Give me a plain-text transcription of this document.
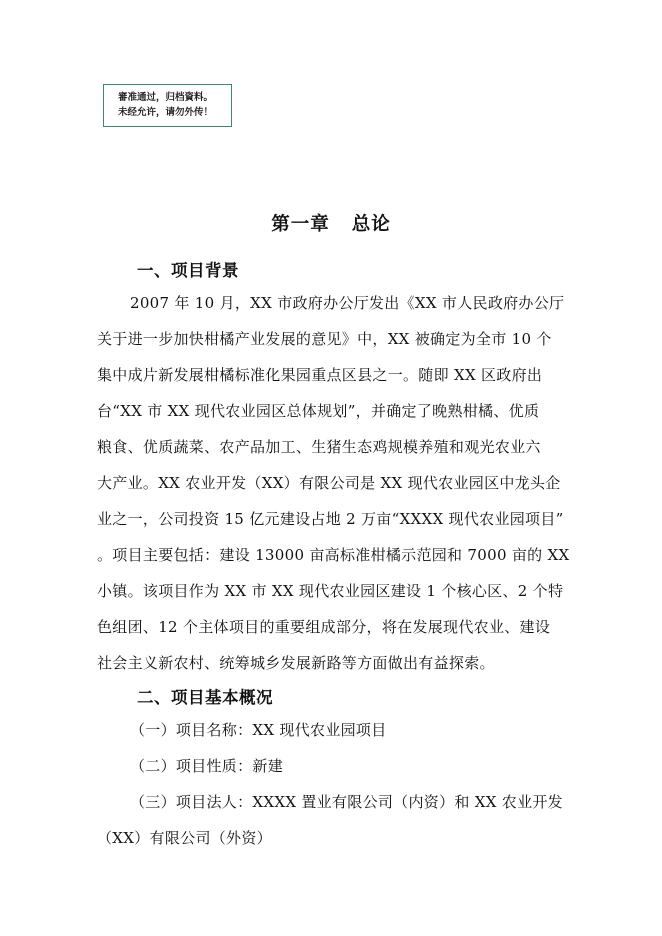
審准通过，归档資料。
未经允许，请勿外传！
第一章 总论
一、项目背景
2007 年 10 月，XX 市政府办公厅发出《XX 市人民政府办公厅
关于进一步加快柑橘产业发展的意见》中，XX 被确定为全市 10 个
集中成片新发展柑橘标准化果园重点区县之一。随即 XX 区政府出
台“XX 市 XX 现代农业园区总体规划”，并确定了晚熟柑橘、优质
粮食、优质蔬菜、农产品加工、生猪生态鸡规模养殖和观光农业六
大产业。XX 农业开发（XX）有限公司是 XX 现代农业园区中龙头企
业之一，公司投资 15 亿元建设占地 2 万亩“XXXX 现代农业园项目”
。项目主要包括：建设 13000 亩高标准柑橘示范园和 7000 亩的 XX
小镇。该项目作为 XX 市 XX 现代农业园区建设 1 个核心区、2 个特
色组团、12 个主体项目的重要组成部分，将在发展现代农业、建设
社会主义新农村、统筹城乡发展新路等方面做出有益探索。
二、项目基本概况
（一）项目名称：XX 现代农业园项目
（二）项目性质：新建
（三）项目法人：XXXX 置业有限公司（内资）和 XX 农业开发
（XX）有限公司（外资）
